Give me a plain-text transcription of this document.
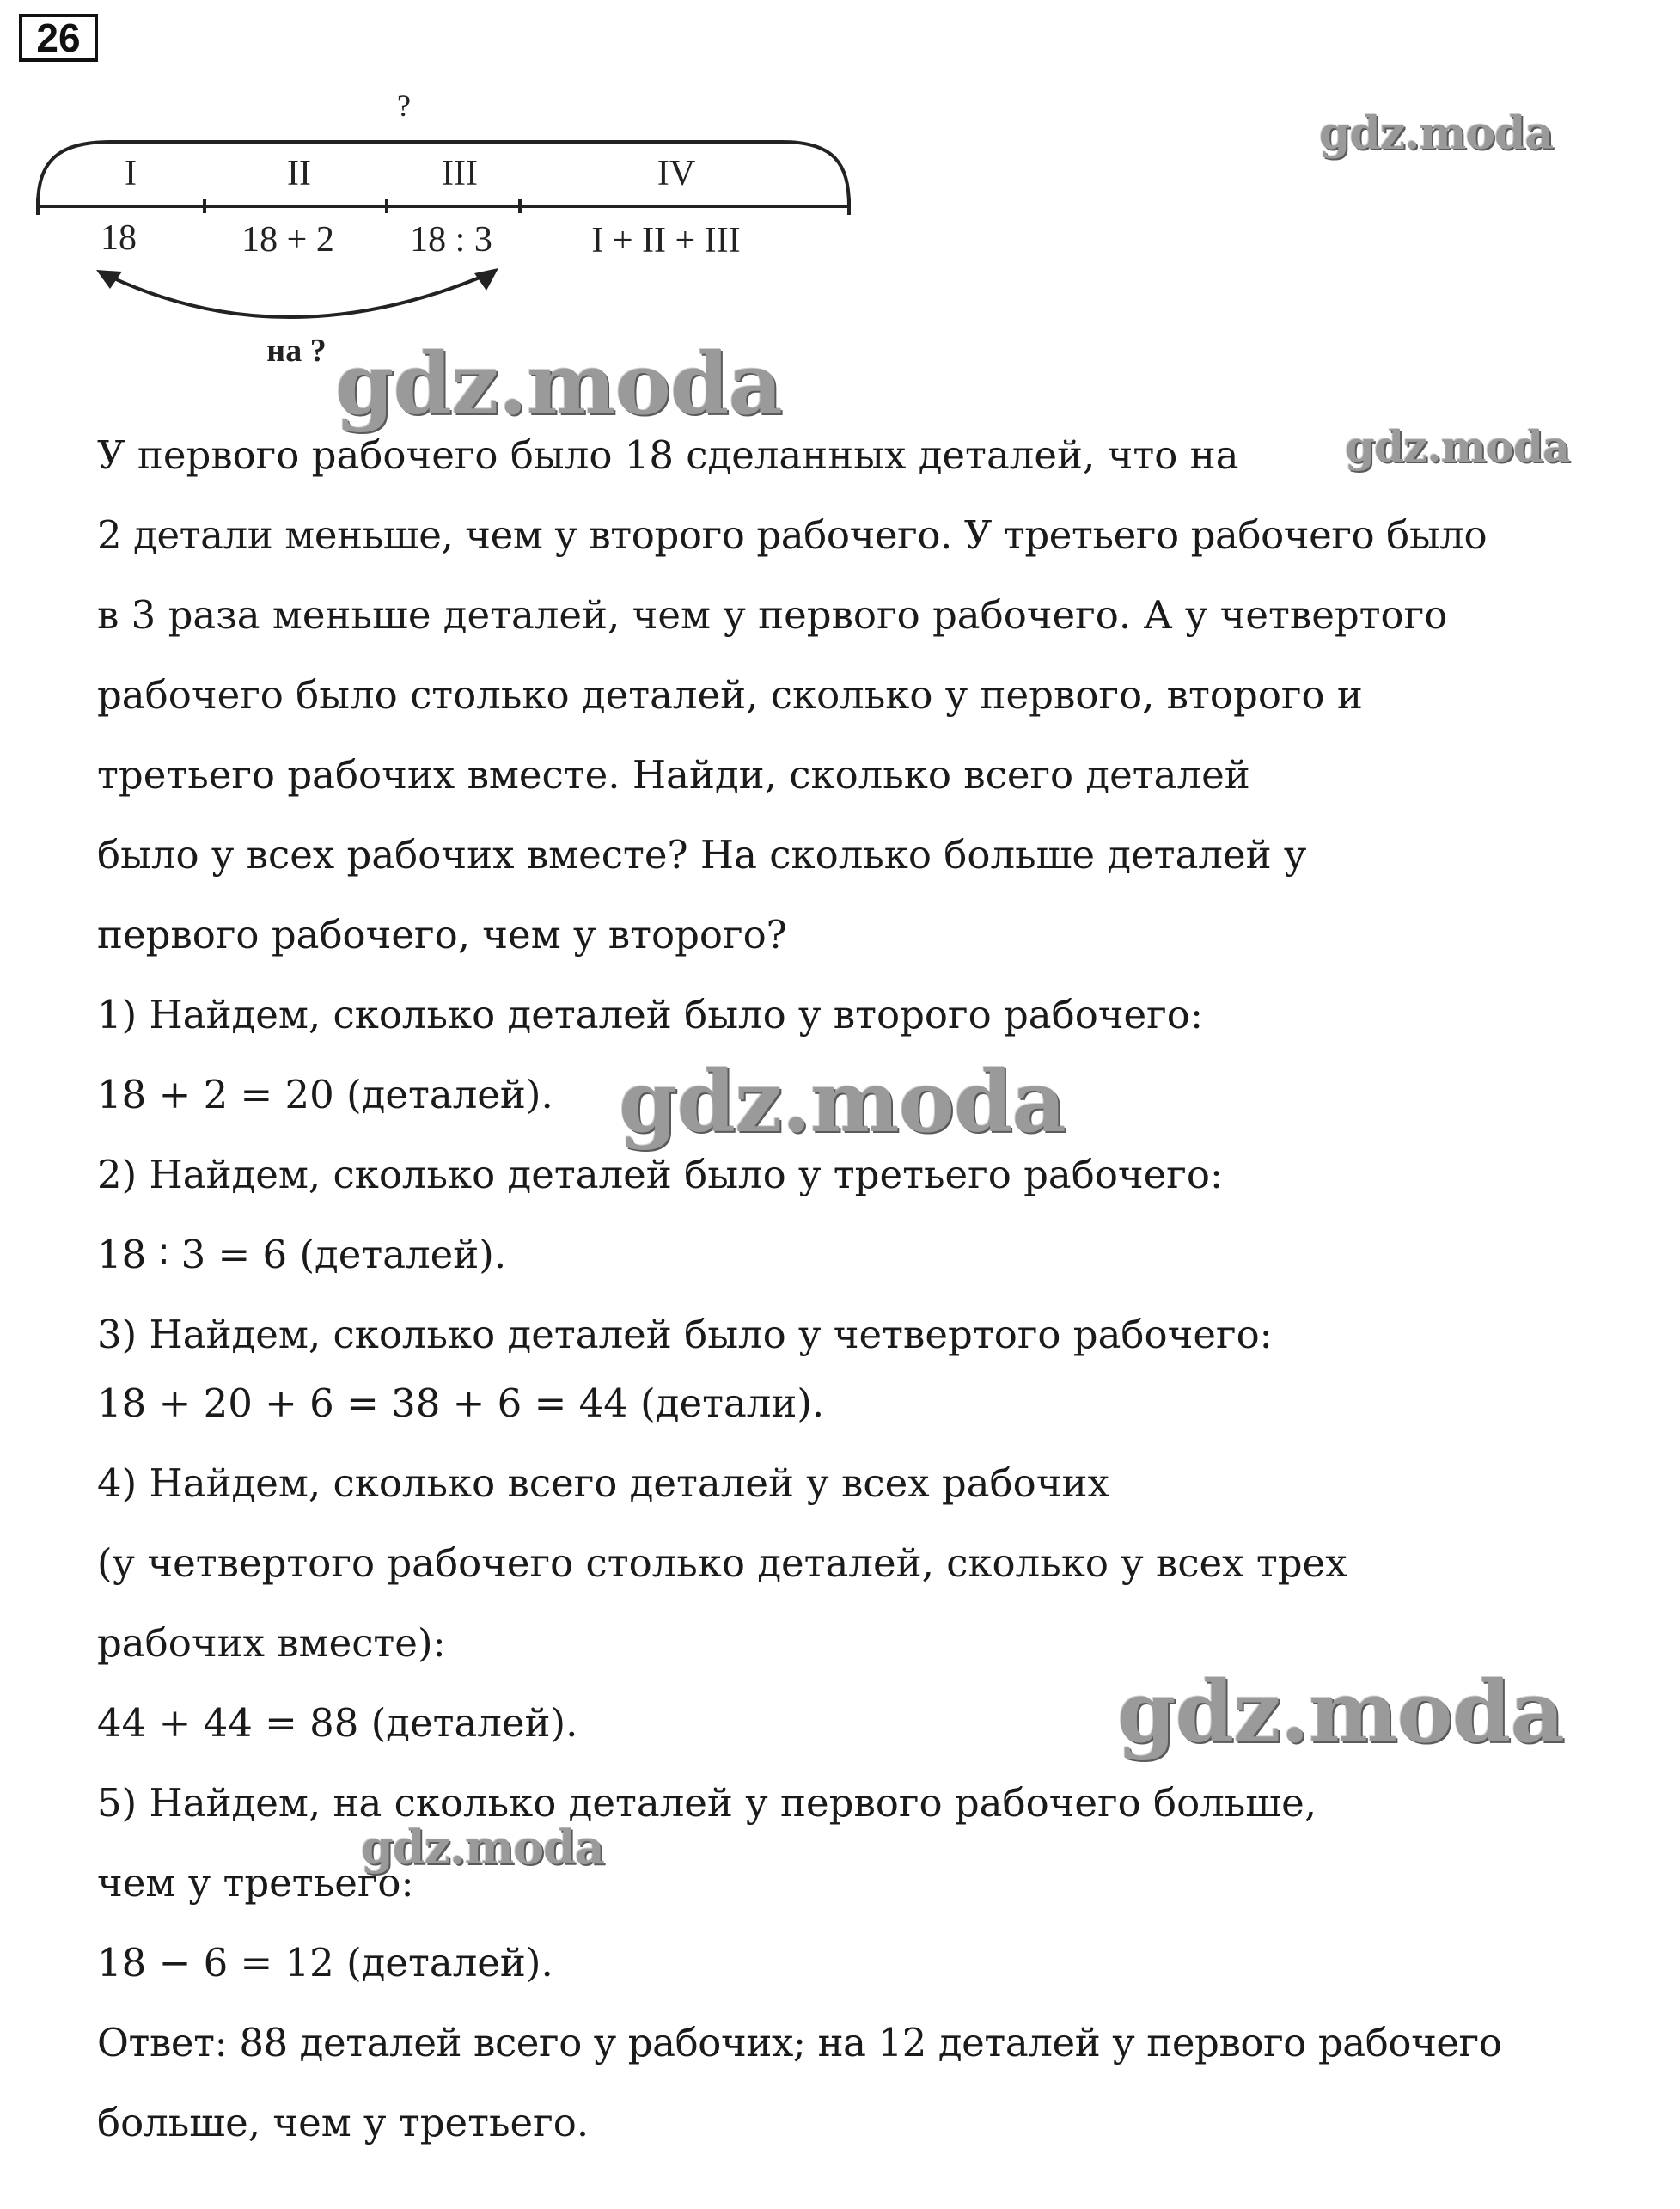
26
?
I	II	III	IV
18	18 + 2 18 : 3	I + II + III
на ?
gdz.moda
gdz.moda
gdz.moda
gdz.moda
gdz.moda
gdz.moda
У первого рабочего было 18 сделанных деталей, что на
2 детали меньше, чем у второго рабочего. У третьего рабочего было
в 3 раза меньше деталей, чем у первого рабочего. А у четвертого
рабочего было столько деталей, сколько у первого, второго и
третьего рабочих вместе. Найди, сколько всего деталей
было у всех рабочих вместе? На сколько больше деталей у
первого рабочего, чем у второго?
1) Найдем, сколько деталей было у второго рабочего:
18 + 2 = 20 (деталей).
2) Найдем, сколько деталей было у третьего рабочего:
18 ∶ 3 = 6 (деталей).
3) Найдем, сколько деталей было у четвертого рабочего:
18 + 20 + 6 = 38 + 6 = 44 (детали).
4) Найдем, сколько всего деталей у всех рабочих
(у четвертого рабочего столько деталей, сколько у всех трех
рабочих вместе):
44 + 44 = 88 (деталей).
5) Найдем, на сколько деталей у первого рабочего больше,
чем у третьего:
18 − 6 = 12 (деталей).
Ответ: 88 деталей всего у рабочих; на 12 деталей у первого рабочего
больше, чем у третьего.
